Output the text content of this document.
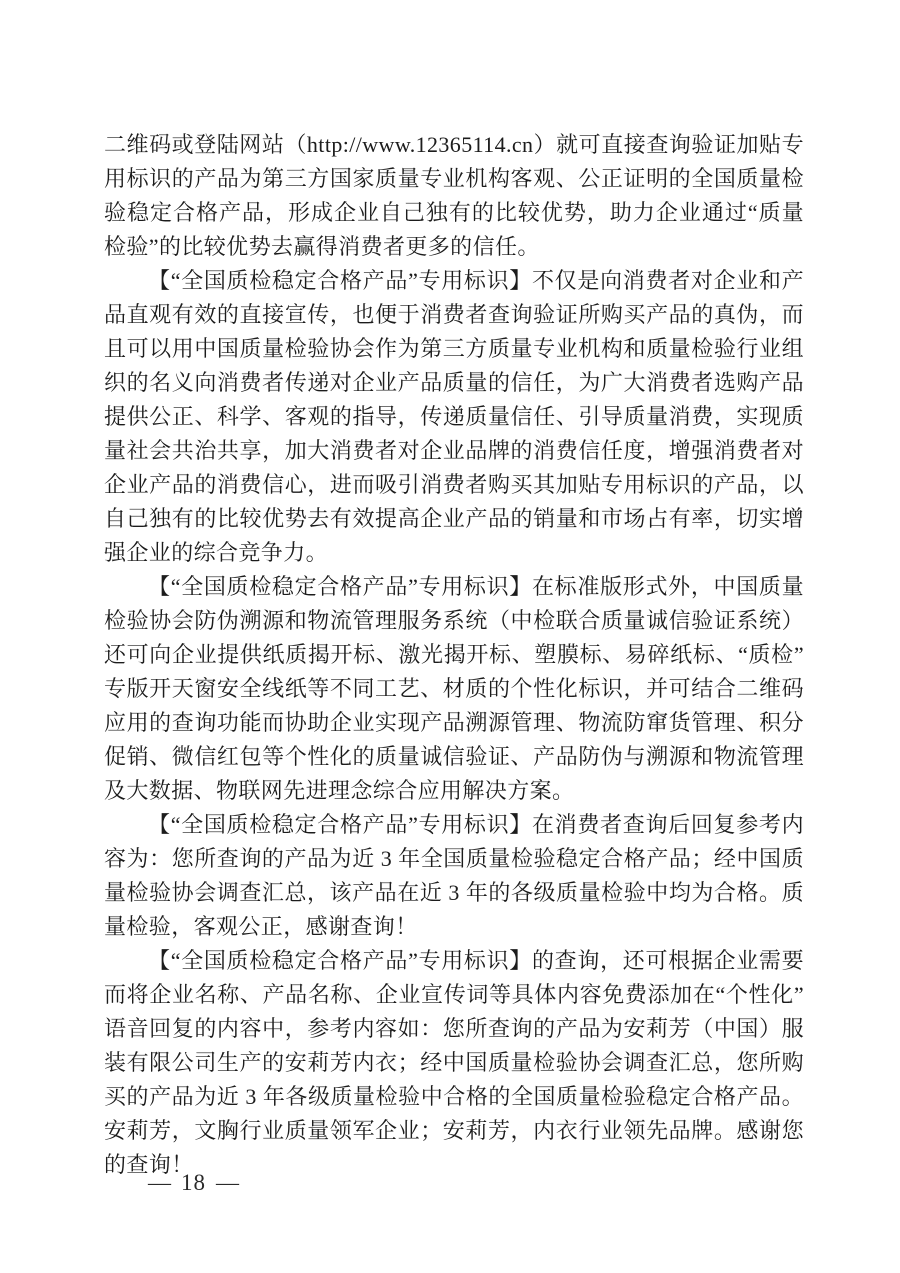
二维码或登陆网站（http://www.12365114.cn）就可直接查询验证加贴专用标识的产品为第三方国家质量专业机构客观、公正证明的全国质量检验稳定合格产品，形成企业自己独有的比较优势，助力企业通过“质量检验”的比较优势去赢得消费者更多的信任。

【“全国质检稳定合格产品”专用标识】不仅是向消费者对企业和产品直观有效的直接宣传，也便于消费者查询验证所购买产品的真伪，而且可以用中国质量检验协会作为第三方质量专业机构和质量检验行业组织的名义向消费者传递对企业产品质量的信任，为广大消费者选购产品提供公正、科学、客观的指导，传递质量信任、引导质量消费，实现质量社会共治共享，加大消费者对企业品牌的消费信任度，增强消费者对企业产品的消费信心，进而吸引消费者购买其加贴专用标识的产品，以自己独有的比较优势去有效提高企业产品的销量和市场占有率，切实增强企业的综合竞争力。

【“全国质检稳定合格产品”专用标识】在标准版形式外，中国质量检验协会防伪溯源和物流管理服务系统（中检联合质量诚信验证系统）还可向企业提供纸质揭开标、激光揭开标、塑膜标、易碎纸标、“质检”专版开天窗安全线纸等不同工艺、材质的个性化标识，并可结合二维码应用的查询功能而协助企业实现产品溯源管理、物流防窜货管理、积分促销、微信红包等个性化的质量诚信验证、产品防伪与溯源和物流管理及大数据、物联网先进理念综合应用解决方案。

【“全国质检稳定合格产品”专用标识】在消费者查询后回复参考内容为：您所查询的产品为近 3 年全国质量检验稳定合格产品；经中国质量检验协会调查汇总，该产品在近 3 年的各级质量检验中均为合格。质量检验，客观公正，感谢查询！

【“全国质检稳定合格产品”专用标识】的查询，还可根据企业需要而将企业名称、产品名称、企业宣传词等具体内容免费添加在“个性化”语音回复的内容中，参考内容如：您所查询的产品为安莉芳（中国）服装有限公司生产的安莉芳内衣；经中国质量检验协会调查汇总，您所购买的产品为近 3 年各级质量检验中合格的全国质量检验稳定合格产品。安莉芳，文胸行业质量领军企业；安莉芳，内衣行业领先品牌。感谢您的查询！

— 18 —
